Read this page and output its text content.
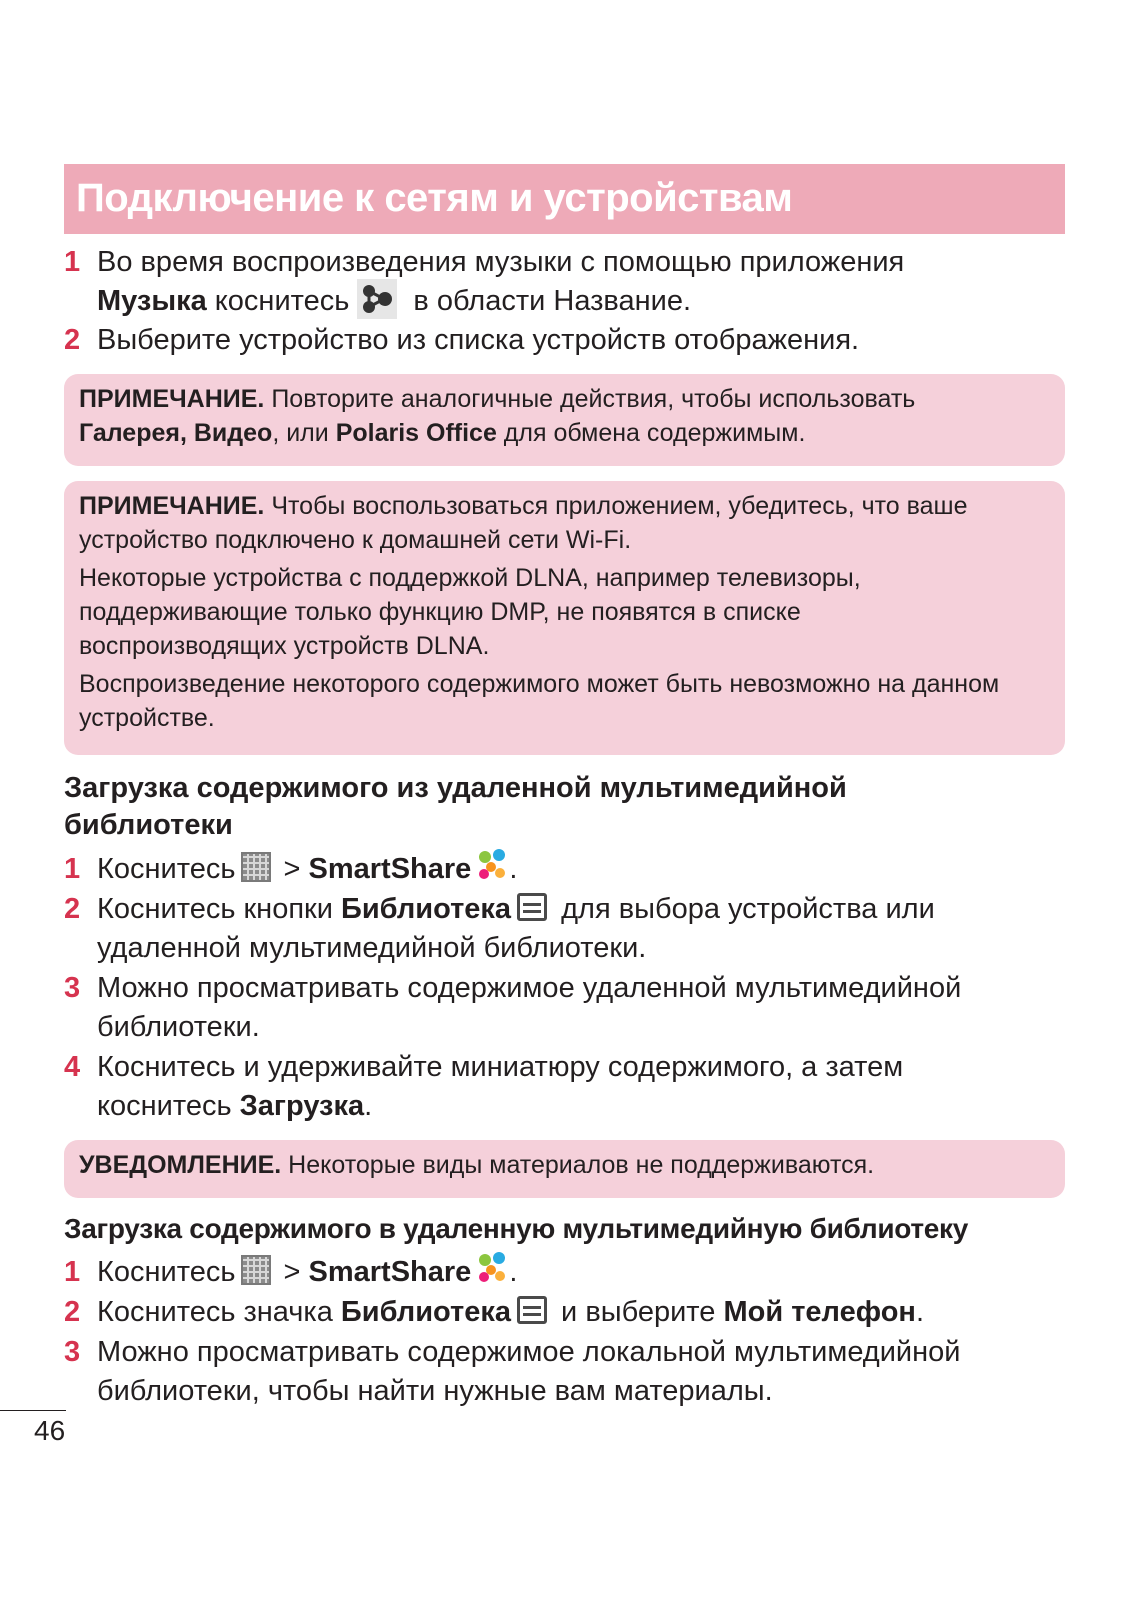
Подключение к сетям и устройствам
1 Во время воспроизведения музыки с помощью приложения
Музыка коснитесь в области Название.
2 Выберите устройство из списка устройств отображения.

ПРИМЕЧАНИЕ. Повторите аналогичные действия, чтобы использовать
Галерея, Видео, или Polaris Office для обмена содержимым.

ПРИМЕЧАНИЕ. Чтобы воспользоваться приложением, убедитесь, что ваше устройство подключено к домашней сети Wi-Fi.

Некоторые устройства с поддержкой DLNA, например телевизоры, поддерживающие только функцию DMP, не появятся в списке воспроизводящих устройств DLNA.

Воспроизведение некоторого содержимого может быть невозможно на данном устройстве.

Загрузка содержимого из удаленной мультимедийной библиотеки
1 Коснитесь > SmartShare .
2 Коснитесь кнопки Библиотека для выбора устройства или удаленной мультимедийной библиотеки.
3 Можно просматривать содержимое удаленной мультимедийной библиотеки.
4 Коснитесь и удерживайте миниатюру содержимого, а затем коснитесь Загрузка.

УВЕДОМЛЕНИЕ. Некоторые виды материалов не поддерживаются.

Загрузка содержимого в удаленную мультимедийную библиотеку
1 Коснитесь > SmartShare .
2 Коснитесь значка Библиотека и выберите Мой телефон.
3 Можно просматривать содержимое локальной мультимедийной библиотеки, чтобы найти нужные вам материалы.
46
